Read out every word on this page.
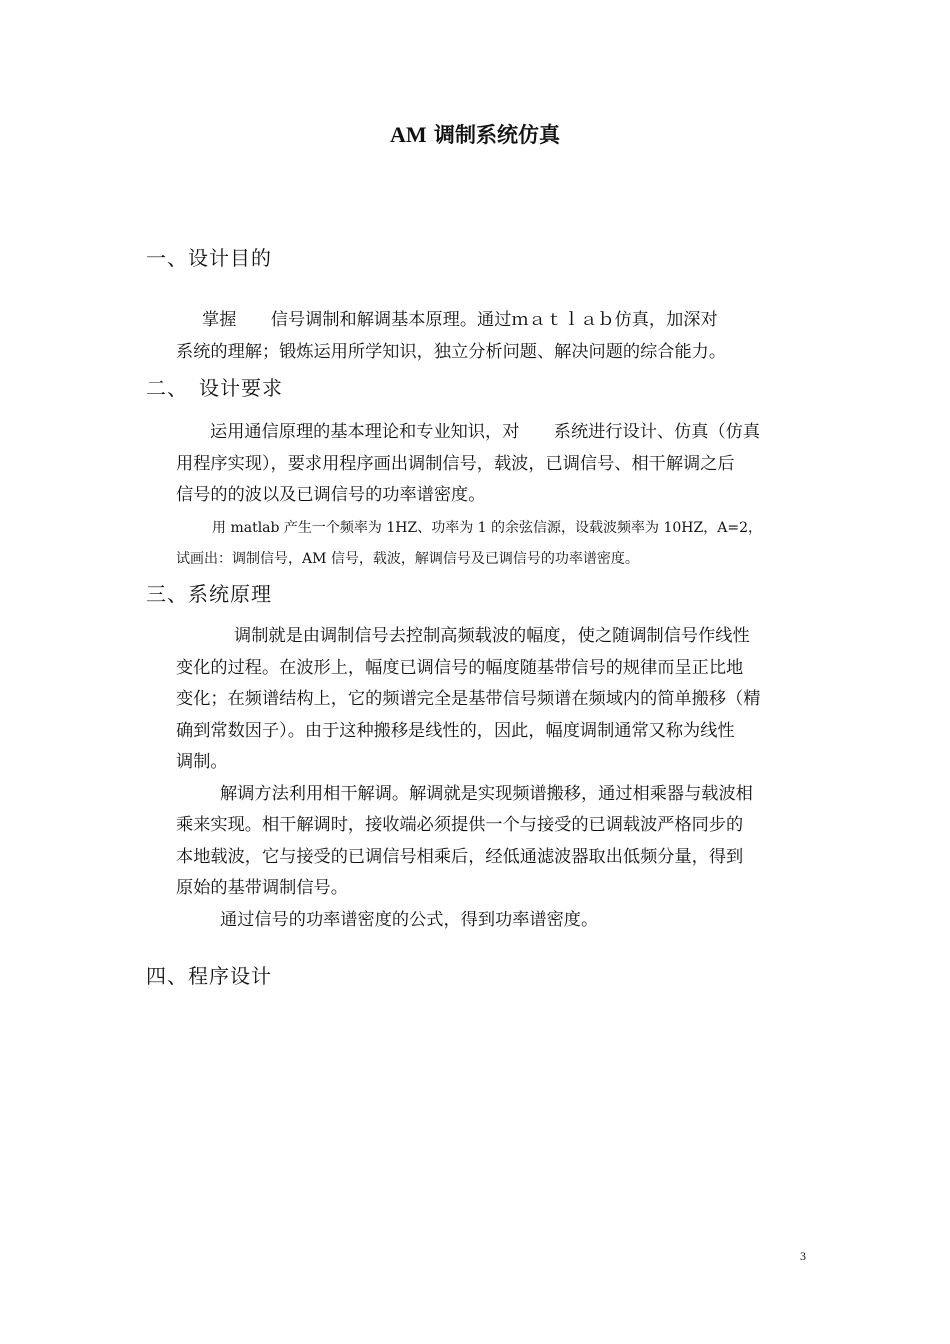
AM 调制系统仿真
一、设计目的
掌握　　信号调制和解调基本原理。通过ｍａｔｌａｂ仿真，加深对
系统的理解；锻炼运用所学知识，独立分析问题、解决问题的综合能力。
二、　设计要求
运用通信原理的基本理论和专业知识，对　　系统进行设计、仿真（仿真
用程序实现），要求用程序画出调制信号，载波，已调信号、相干解调之后
信号的的波以及已调信号的功率谱密度。
用 matlab 产生一个频率为 1HZ、功率为 1 的余弦信源，设载波频率为 10HZ，A=2，
试画出：调制信号，AM 信号，载波，解调信号及已调信号的功率谱密度。
三、系统原理
调制就是由调制信号去控制高频载波的幅度，使之随调制信号作线性
变化的过程。在波形上，幅度已调信号的幅度随基带信号的规律而呈正比地
变化；在频谱结构上，它的频谱完全是基带信号频谱在频域内的简单搬移（精
确到常数因子）。由于这种搬移是线性的，因此，幅度调制通常又称为线性
调制。
解调方法利用相干解调。解调就是实现频谱搬移，通过相乘器与载波相
乘来实现。相干解调时，接收端必须提供一个与接受的已调载波严格同步的
本地载波，它与接受的已调信号相乘后，经低通滤波器取出低频分量，得到
原始的基带调制信号。
通过信号的功率谱密度的公式，得到功率谱密度。
四、程序设计
3
